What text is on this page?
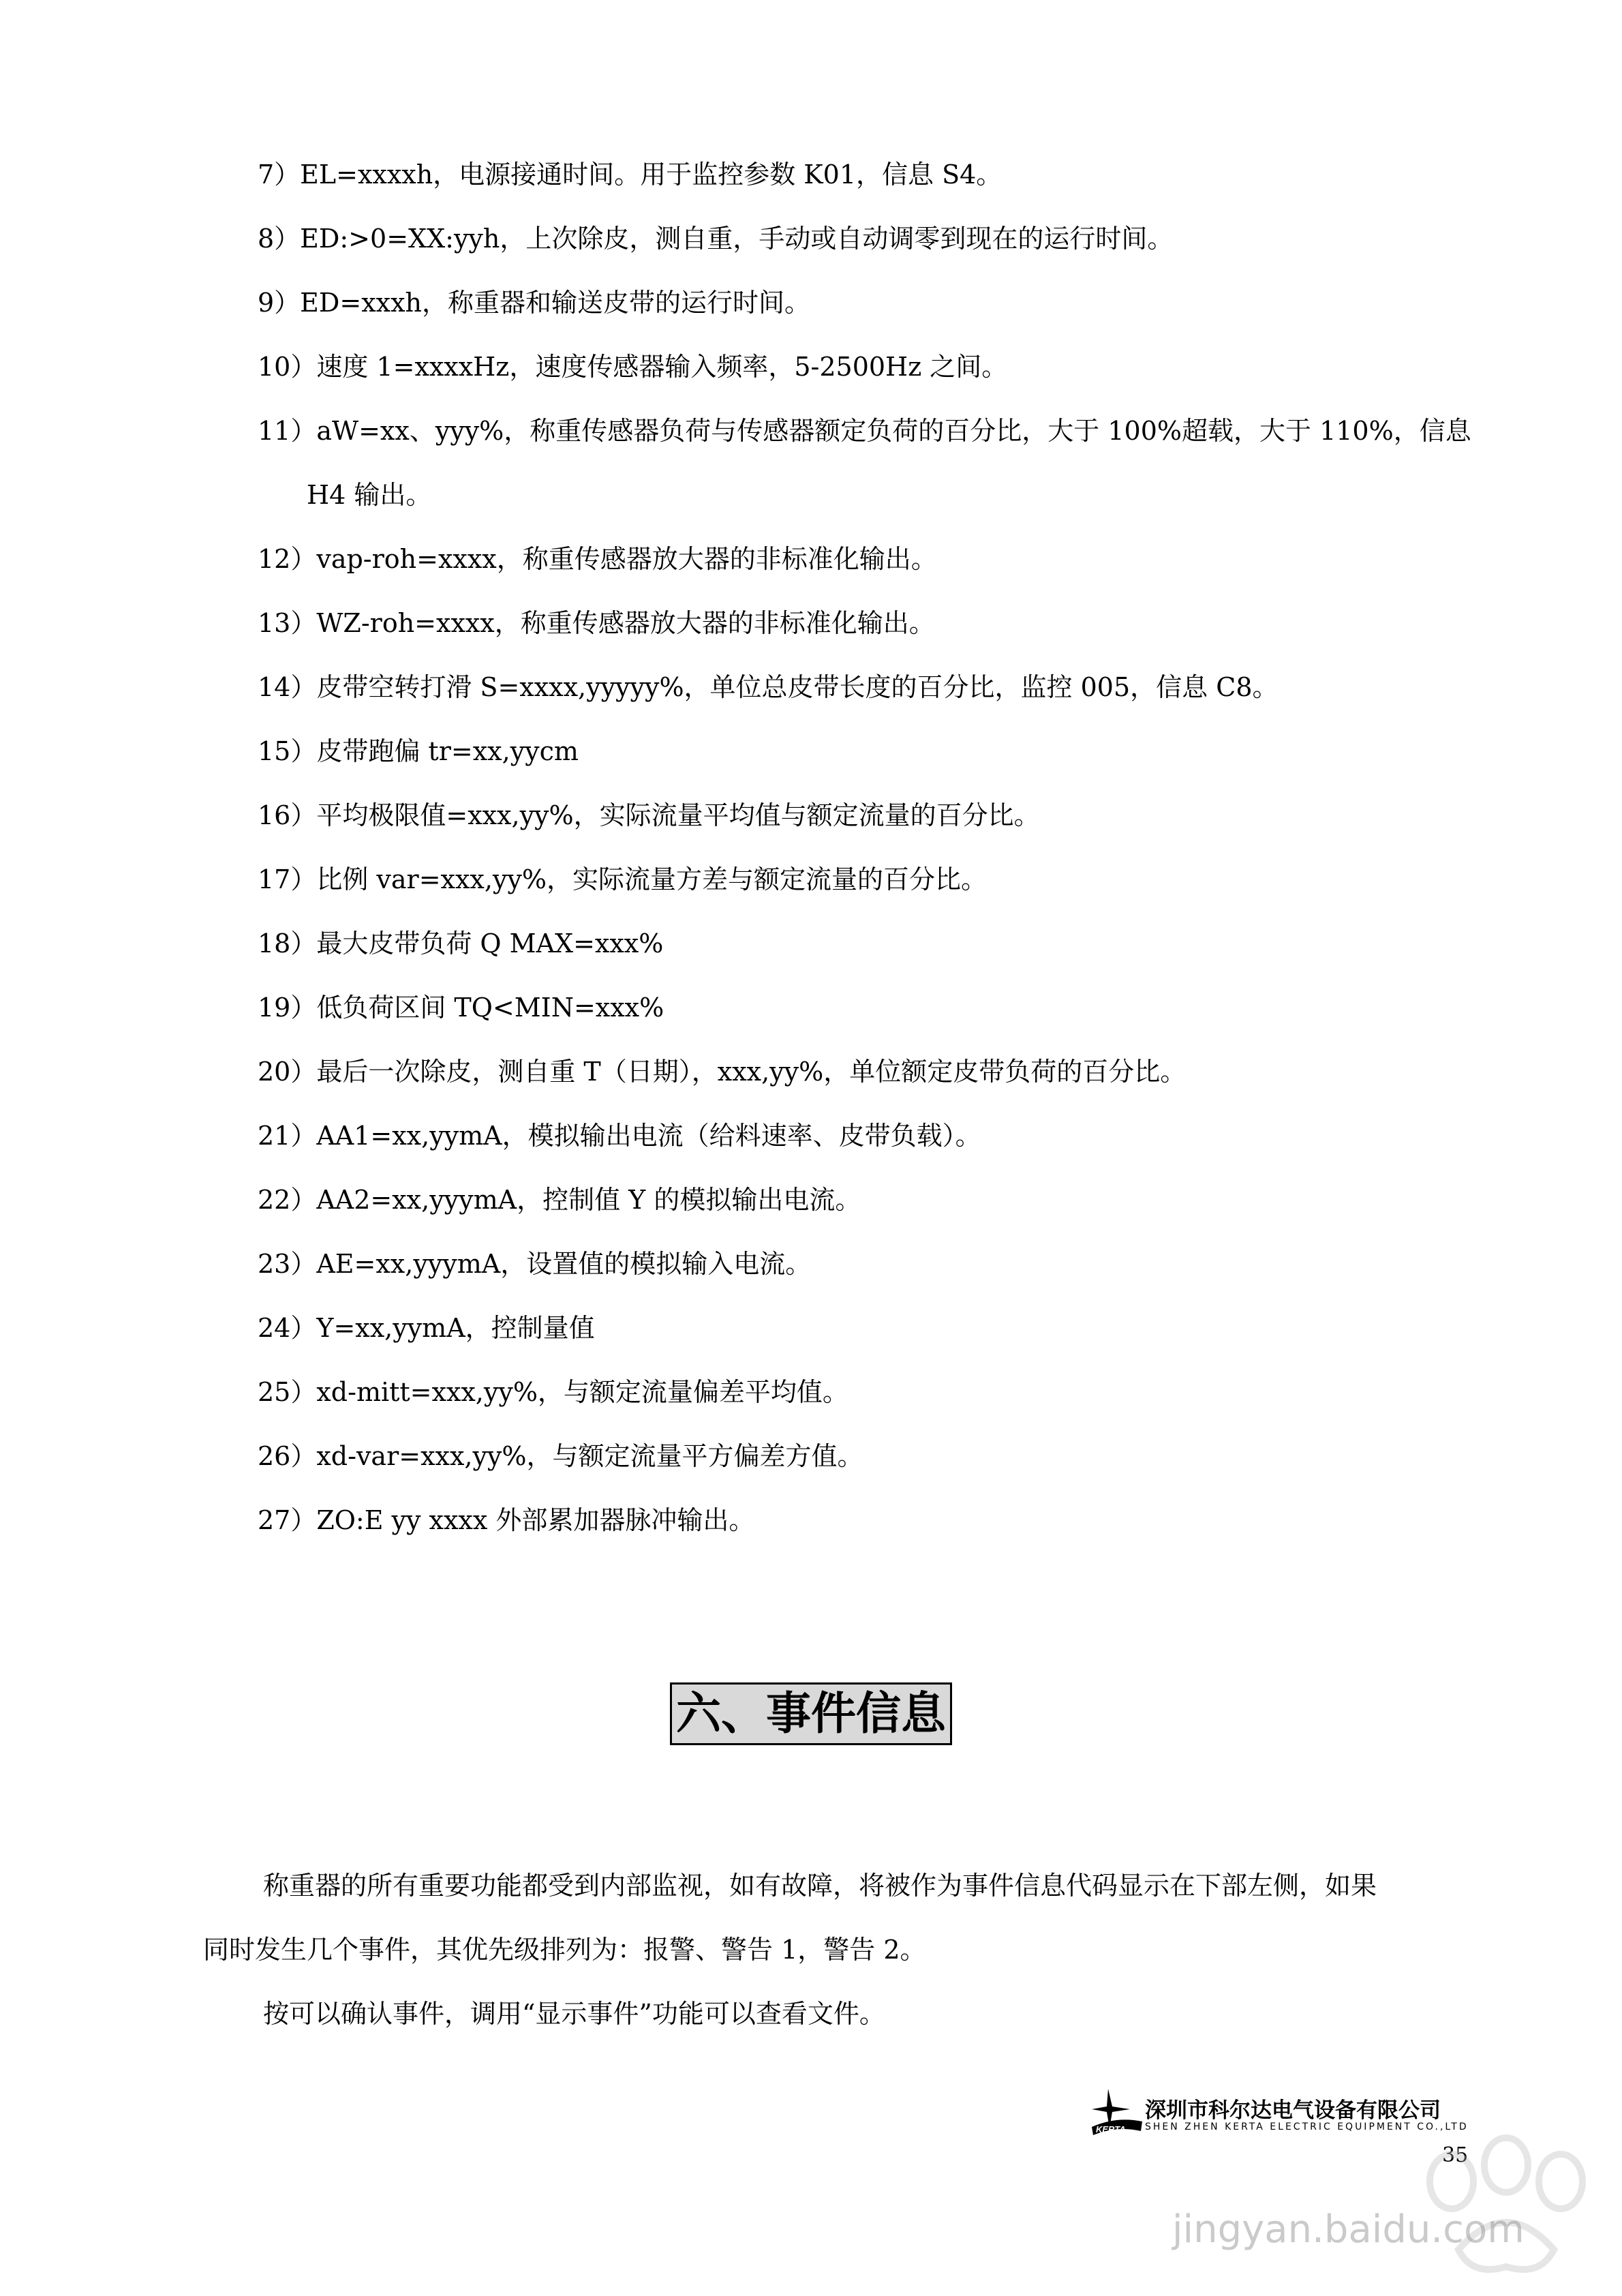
7）EL=xxxxh，电源接通时间。用于监控参数 K01，信息 S4。
8）ED:>0=XX:yyh，上次除皮，测自重，手动或自动调零到现在的运行时间。
9）ED=xxxh，称重器和输送皮带的运行时间。
10）速度 1=xxxxHz，速度传感器输入频率，5-2500Hz 之间。
11）aW=xx、yyy%，称重传感器负荷与传感器额定负荷的百分比，大于 100%超载，大于 110%，信息
H4 输出。
12）vap-roh=xxxx，称重传感器放大器的非标准化输出。
13）WZ-roh=xxxx，称重传感器放大器的非标准化输出。
14）皮带空转打滑 S=xxxx,yyyyy%，单位总皮带长度的百分比，监控 005，信息 C8。
15）皮带跑偏 tr=xx,yycm
16）平均极限值=xxx,yy%，实际流量平均值与额定流量的百分比。
17）比例 var=xxx,yy%，实际流量方差与额定流量的百分比。
18）最大皮带负荷 Q MAX=xxx%
19）低负荷区间 TQ<MIN=xxx%
20）最后一次除皮，测自重 T（日期），xxx,yy%，单位额定皮带负荷的百分比。
21）AA1=xx,yymA，模拟输出电流（给料速率、皮带负载）。
22）AA2=xx,yyymA，控制值 Y 的模拟输出电流。
23）AE=xx,yyymA，设置值的模拟输入电流。
24）Y=xx,yymA，控制量值
25）xd-mitt=xxx,yy%，与额定流量偏差平均值。
26）xd-var=xxx,yy%，与额定流量平方偏差方值。
27）ZO:E yy xxxx 外部累加器脉冲输出。
六、事件信息
称重器的所有重要功能都受到内部监视，如有故障，将被作为事件信息代码显示在下部左侧，如果
同时发生几个事件，其优先级排列为：报警、警告 1，警告 2。
按可以确认事件，调用“显示事件”功能可以查看文件。
KERTA
深圳市科尔达电气设备有限公司
SHEN ZHEN KERTA ELECTRIC EQUIPMENT CO.,LTD
35
jingyan.baidu.com
